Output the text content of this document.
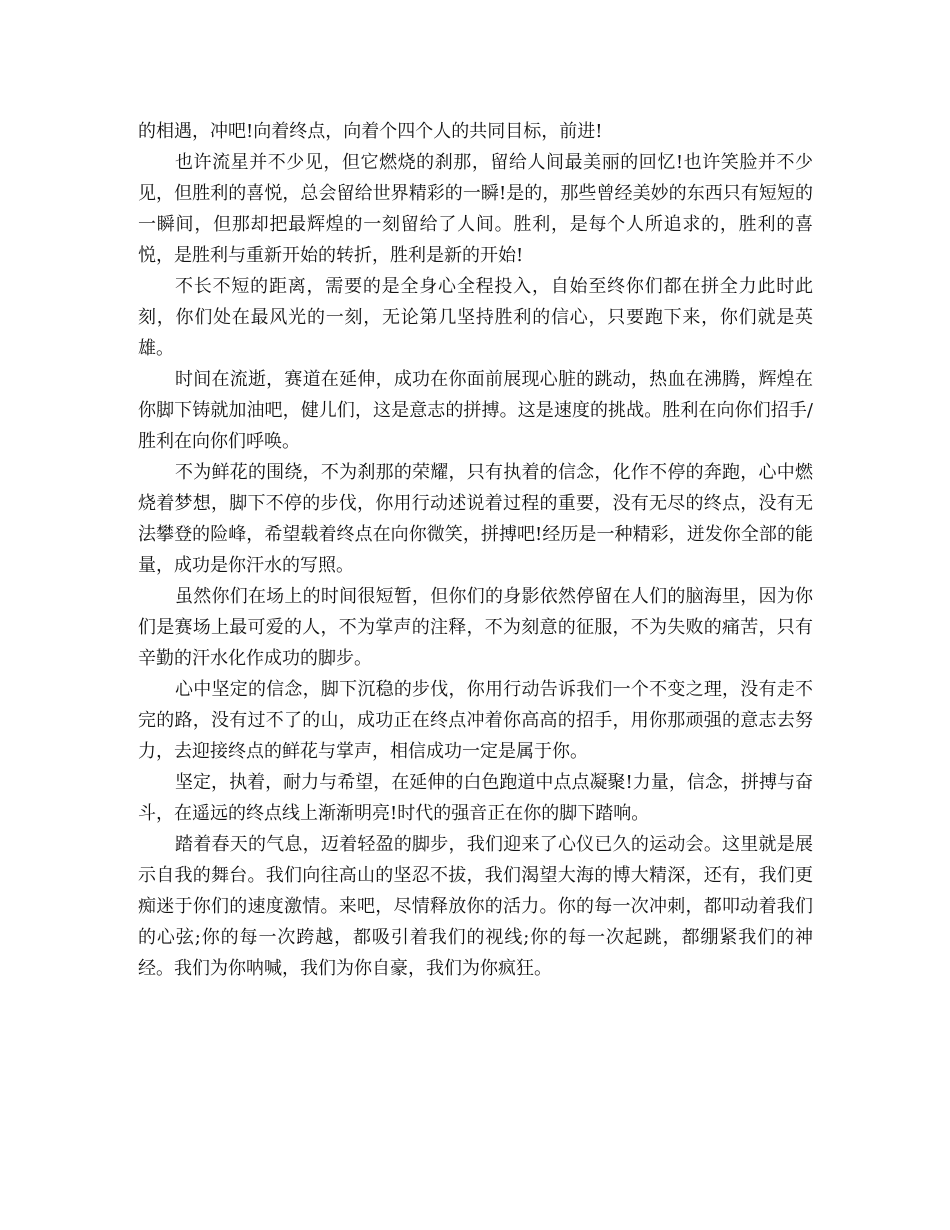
的相遇，冲吧!向着终点，向着个四个人的共同目标，前进!

也许流星并不少见，但它燃烧的刹那，留给人间最美丽的回忆!也许笑脸并不少见，但胜利的喜悦，总会留给世界精彩的一瞬!是的，那些曾经美妙的东西只有短短的一瞬间，但那却把最辉煌的一刻留给了人间。胜利，是每个人所追求的，胜利的喜悦，是胜利与重新开始的转折，胜利是新的开始!

不长不短的距离，需要的是全身心全程投入，自始至终你们都在拼全力此时此刻，你们处在最风光的一刻，无论第几坚持胜利的信心，只要跑下来，你们就是英雄。

时间在流逝，赛道在延伸，成功在你面前展现心脏的跳动，热血在沸腾，辉煌在你脚下铸就加油吧，健儿们，这是意志的拼搏。这是速度的挑战。胜利在向你们招手/胜利在向你们呼唤。

不为鲜花的围绕，不为刹那的荣耀，只有执着的信念，化作不停的奔跑，心中燃烧着梦想，脚下不停的步伐，你用行动述说着过程的重要，没有无尽的终点，没有无法攀登的险峰，希望载着终点在向你微笑，拼搏吧!经历是一种精彩，迸发你全部的能量，成功是你汗水的写照。

虽然你们在场上的时间很短暂，但你们的身影依然停留在人们的脑海里，因为你们是赛场上最可爱的人，不为掌声的注释，不为刻意的征服，不为失败的痛苦，只有辛勤的汗水化作成功的脚步。

心中坚定的信念，脚下沉稳的步伐，你用行动告诉我们一个不变之理，没有走不完的路，没有过不了的山，成功正在终点冲着你高高的招手，用你那顽强的意志去努力，去迎接终点的鲜花与掌声，相信成功一定是属于你。

坚定，执着，耐力与希望，在延伸的白色跑道中点点凝聚!力量，信念，拼搏与奋斗，在遥远的终点线上渐渐明亮!时代的强音正在你的脚下踏响。

踏着春天的气息，迈着轻盈的脚步，我们迎来了心仪已久的运动会。这里就是展示自我的舞台。我们向往高山的坚忍不拔，我们渴望大海的博大精深，还有，我们更痴迷于你们的速度激情。来吧，尽情释放你的活力。你的每一次冲刺，都叩动着我们的心弦;你的每一次跨越，都吸引着我们的视线;你的每一次起跳，都绷紧我们的神经。我们为你呐喊，我们为你自豪，我们为你疯狂。
